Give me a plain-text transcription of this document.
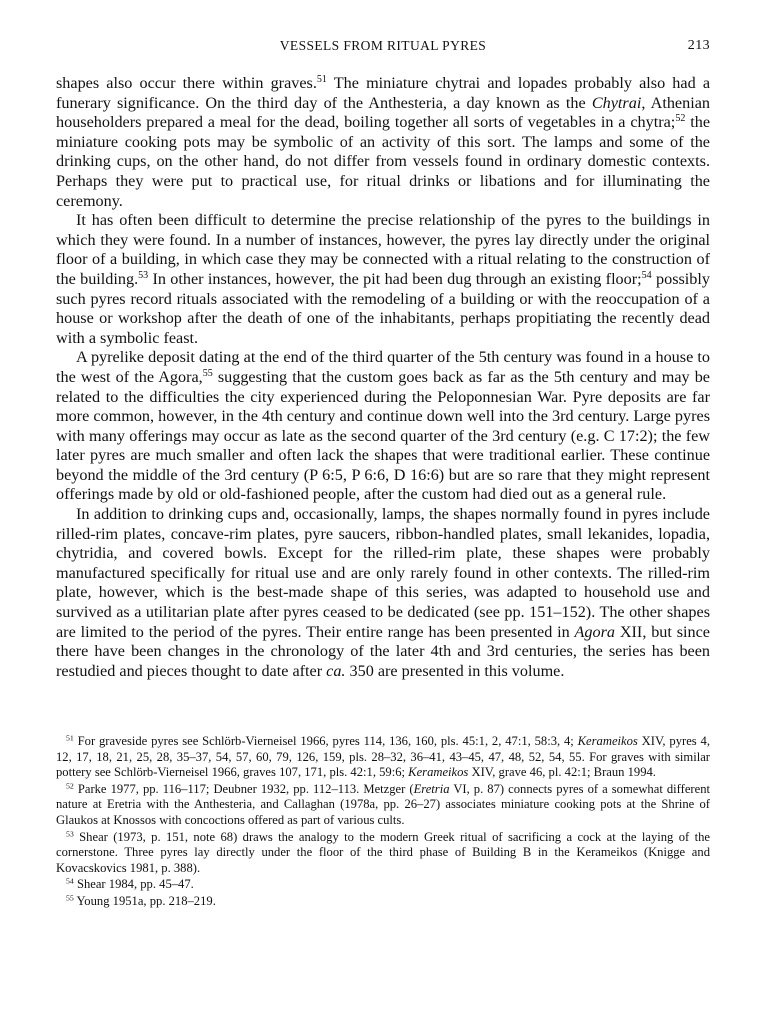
VESSELS FROM RITUAL PYRES	213

shapes also occur there within graves.$^{51}$ The miniature chytrai and lopades probably also had a funerary significance. On the third day of the Anthesteria, a day known as the Chytrai, Athenian householders prepared a meal for the dead, boiling together all sorts of vegetables in a chytra;$^{52}$ the miniature cooking pots may be symbolic of an activity of this sort. The lamps and some of the drinking cups, on the other hand, do not differ from vessels found in ordinary domestic contexts. Perhaps they were put to practical use, for ritual drinks or libations and for illuminating the ceremony.

It has often been difficult to determine the precise relationship of the pyres to the buildings in which they were found. In a number of instances, however, the pyres lay directly under the original floor of a building, in which case they may be connected with a ritual relating to the construction of the building.$^{53}$ In other instances, however, the pit had been dug through an existing floor;$^{54}$ possibly such pyres record rituals associated with the remodeling of a building or with the reoccupation of a house or workshop after the death of one of the inhabitants, perhaps propitiating the recently dead with a symbolic feast.

A pyrelike deposit dating at the end of the third quarter of the 5th century was found in a house to the west of the Agora,$^{55}$ suggesting that the custom goes back as far as the 5th century and may be related to the difficulties the city experienced during the Peloponnesian War. Pyre deposits are far more common, however, in the 4th century and continue down well into the 3rd century. Large pyres with many offerings may occur as late as the second quarter of the 3rd century (e.g. C 17:2); the few later pyres are much smaller and often lack the shapes that were traditional earlier. These continue beyond the middle of the 3rd century (P 6:5, P 6:6, D 16:6) but are so rare that they might represent offerings made by old or old-fashioned people, after the custom had died out as a general rule.

In addition to drinking cups and, occasionally, lamps, the shapes normally found in pyres include rilled-rim plates, concave-rim plates, pyre saucers, ribbon-handled plates, small lekanides, lopadia, chytridia, and covered bowls. Except for the rilled-rim plate, these shapes were probably manufactured specifically for ritual use and are only rarely found in other contexts. The rilled-rim plate, however, which is the best-made shape of this series, was adapted to household use and survived as a utilitarian plate after pyres ceased to be dedicated (see pp. 151–152). The other shapes are limited to the period of the pyres. Their entire range has been presented in Agora XII, but since there have been changes in the chronology of the later 4th and 3rd centuries, the series has been restudied and pieces thought to date after ca. 350 are presented in this volume.

$^{51}$ For graveside pyres see Schlörb-Vierneisel 1966, pyres 114, 136, 160, pls. 45:1, 2, 47:1, 58:3, 4; Kerameikos XIV, pyres 4, 12, 17, 18, 21, 25, 28, 35–37, 54, 57, 60, 79, 126, 159, pls. 28–32, 36–41, 43–45, 47, 48, 52, 54, 55. For graves with similar pottery see Schlörb-Vierneisel 1966, graves 107, 171, pls. 42:1, 59:6; Kerameikos XIV, grave 46, pl. 42:1; Braun 1994.

$^{52}$ Parke 1977, pp. 116–117; Deubner 1932, pp. 112–113. Metzger (Eretria VI, p. 87) connects pyres of a somewhat different nature at Eretria with the Anthesteria, and Callaghan (1978a, pp. 26–27) associates miniature cooking pots at the Shrine of Glaukos at Knossos with concoctions offered as part of various cults.

$^{53}$ Shear (1973, p. 151, note 68) draws the analogy to the modern Greek ritual of sacrificing a cock at the laying of the cornerstone. Three pyres lay directly under the floor of the third phase of Building B in the Kerameikos (Knigge and Kovacskovics 1981, p. 388).

$^{54}$ Shear 1984, pp. 45–47.

$^{55}$ Young 1951a, pp. 218–219.
